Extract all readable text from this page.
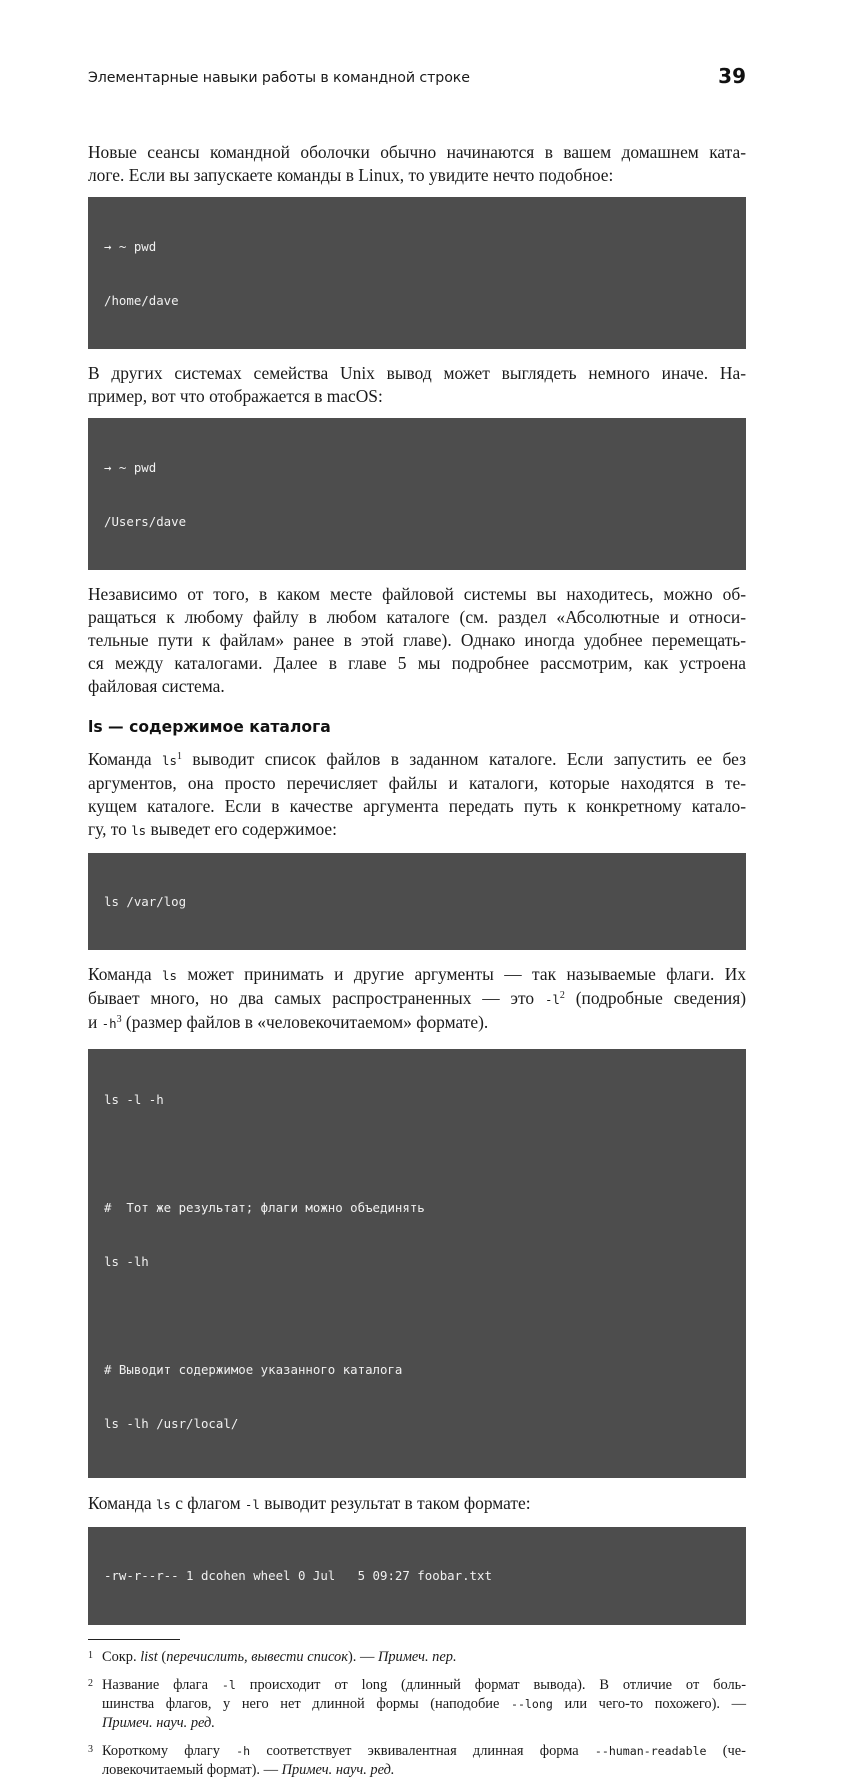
Элементарные навыки работы в командной строке	39

Новые сеансы командной оболочки обычно начинаются в вашем домашнем ката-
логе. Если вы запускаете команды в Linux, то увидите нечто подобное:

→ ~ pwd

/home/dave

В других системах семейства Unix вывод может выглядеть немного иначе. На-
пример, вот что отображается в macOS:

→ ~ pwd

/Users/dave

Независимо от того, в каком месте файловой системы вы находитесь, можно об-
ращаться к любому файлу в любом каталоге (см. раздел «Абсолютные и относи-
тельные пути к файлам» ранее в этой главе). Однако иногда удобнее перемещать-
ся между каталогами. Далее в главе 5 мы подробнее рассмотрим, как устроена
файловая система.

ls — содержимое каталога

Команда $ls^1$ выводит список файлов в заданном каталоге. Если запустить ее без
аргументов, она просто перечисляет файлы и каталоги, которые находятся в те-
кущем каталоге. Если в качестве аргумента передать путь к конкретному катало-
гу, то ls выведет его содержимое:

ls /var/log

Команда ls может принимать и другие аргументы — так называемые флаги. Их
бывает много, но два самых распространенных — это $-l^2$ (подробные сведения)
и $-h^3$ (размер файлов в «человекочитаемом» формате).

ls -l -h

#  Тот же результат; флаги можно объединять

ls -lh

# Выводит содержимое указанного каталога

ls -lh /usr/local/

Команда ls с флагом -l выводит результат в таком формате:

-rw-r--r-- 1 dcohen wheel 0 Jul   5 09:27 foobar.txt

1 Сокр. list (перечислить, вывести список). — Примеч. пер.
2 Название флага -l происходит от long (длинный формат вывода). В отличие от боль-
шинства флагов, у него нет длинной формы (наподобие --long или чего-то похожего). —
Примеч. науч. ред.
3 Короткому флагу -h соответствует эквивалентная длинная форма --human-readable (че-
ловекочитаемый формат). — Примеч. науч. ред.
